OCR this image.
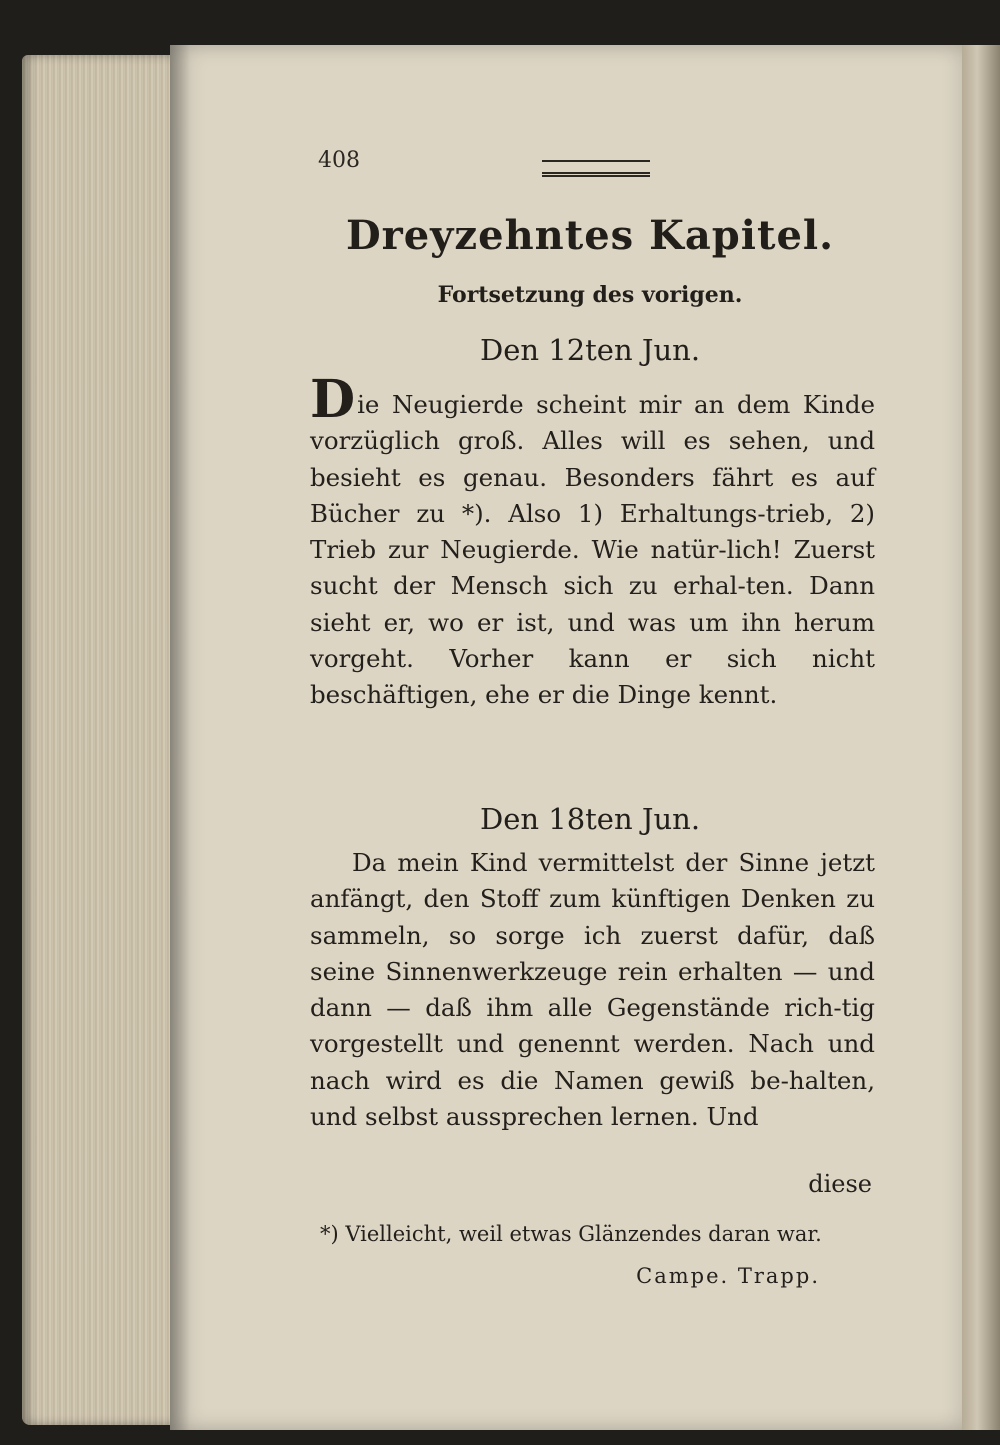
408
Dreyzehntes Kapitel.
Fortsetzung des vorigen.
Den 12ten Jun.

Die Neugierde scheint mir an dem Kinde vorzüglich groß. Alles will es sehen, und besieht es genau. Besonders fährt es auf Bücher zu *). Also 1) Erhaltungs-trieb, 2) Trieb zur Neugierde. Wie natür-lich! Zuerst sucht der Mensch sich zu erhal-ten. Dann sieht er, wo er ist, und was um ihn herum vorgeht. Vorher kann er sich nicht beschäftigen, ehe er die Dinge kennt.

Den 18ten Jun.

Da mein Kind vermittelst der Sinne jetzt anfängt, den Stoff zum künftigen Denken zu sammeln, so sorge ich zuerst dafür, daß seine Sinnenwerkzeuge rein erhalten — und dann — daß ihm alle Gegenstände rich-tig vorgestellt und genennt werden. Nach und nach wird es die Namen gewiß be-halten, und selbst aussprechen lernen. Und

diese
*) Vielleicht, weil etwas Glänzendes daran war.
Campe. Trapp.
